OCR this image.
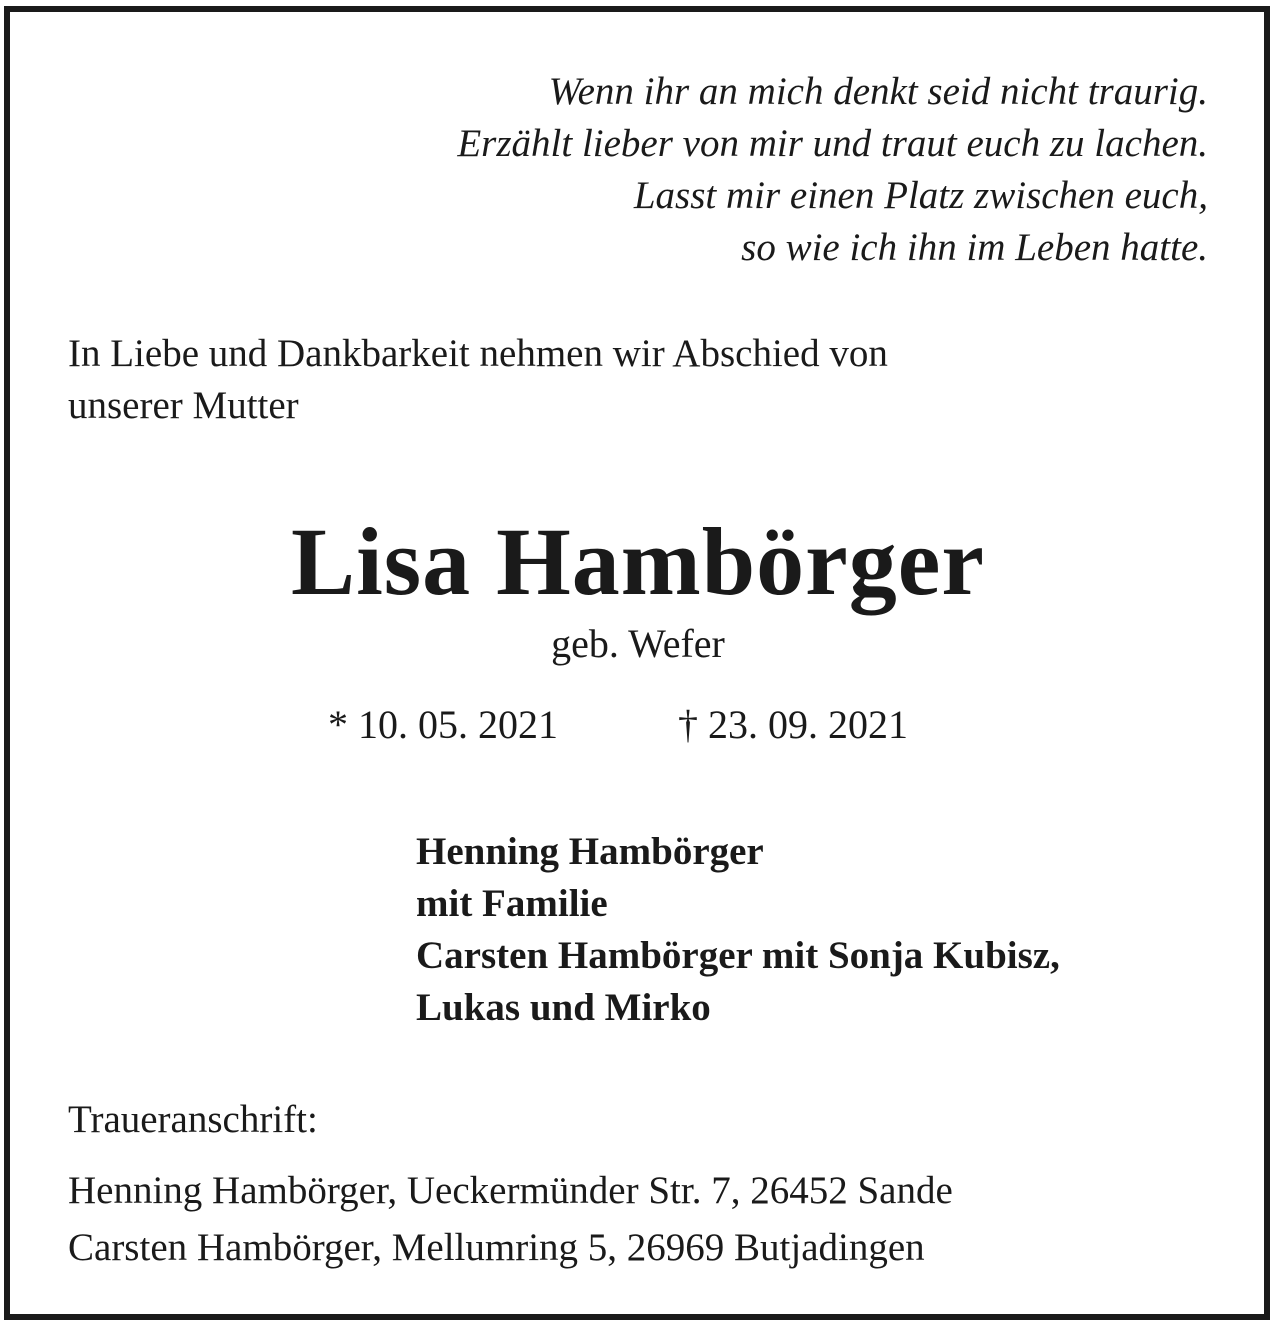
Wenn ihr an mich denkt seid nicht traurig.
Erzählt lieber von mir und traut euch zu lachen.
Lasst mir einen Platz zwischen euch,
so wie ich ihn im Leben hatte.
In Liebe und Dankbarkeit nehmen wir Abschied von
unserer Mutter
Lisa Hambörger
geb. Wefer
* 10. 05. 2021	† 23. 09. 2021
Henning Hambörger
mit Familie
Carsten Hambörger mit Sonja Kubisz,
Lukas und Mirko
Traueranschrift:
Henning Hambörger, Ueckermünder Str. 7, 26452 Sande
Carsten Hambörger, Mellumring 5, 26969 Butjadingen
